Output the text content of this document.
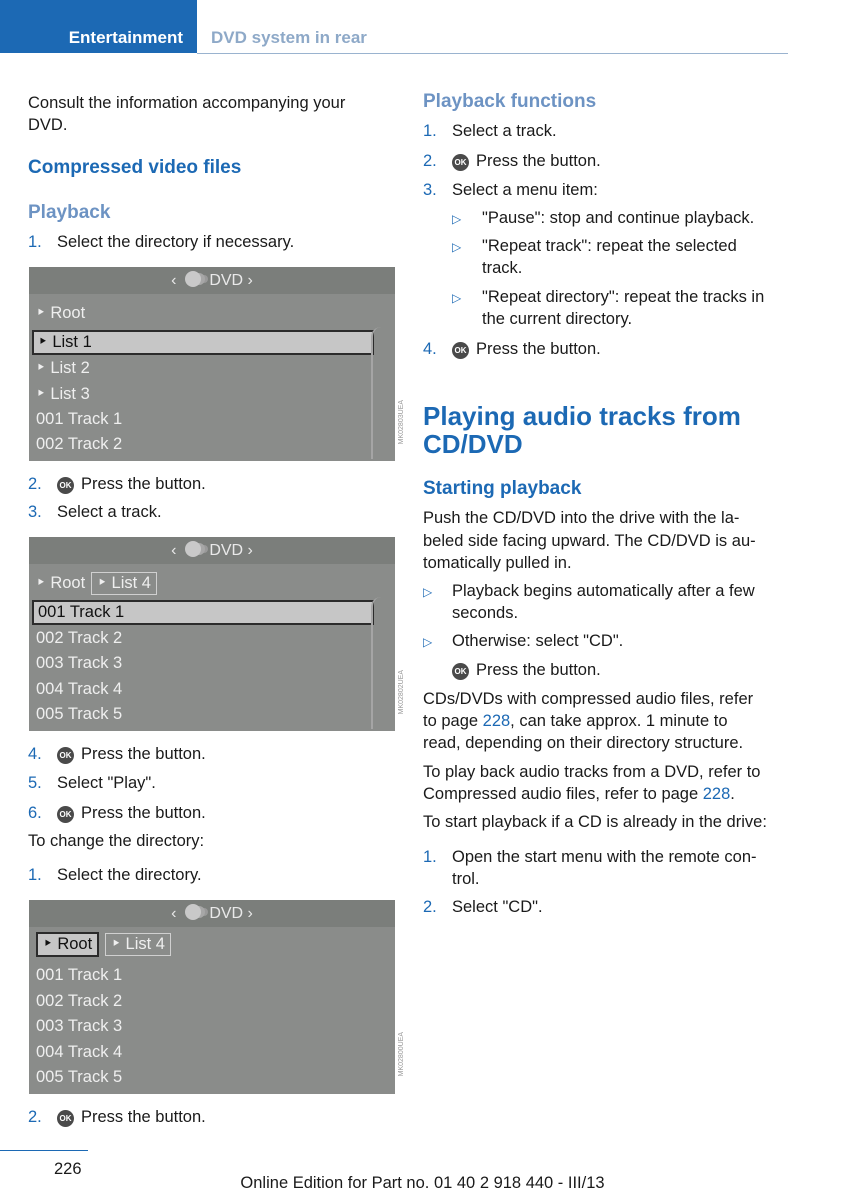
Entertainment DVD system in rear
Consult the information accompanying your DVD.
Compressed video files
Playback
1. Select the directory if necessary.
‹  DVD ›
‣ Root
‣ List 1
‣ List 2
‣ List 3
001 Track 1
002 Track 2	MK02803UEA
2.	OK Press the button.
3. Select a track.
‹  DVD ›
‣ Root ‣ List 4
001 Track 1
002 Track 2
003 Track 3
004 Track 4
005 Track 5	MK02802UEA
4.	OK Press the button.
5. Select "Play".
6.	OK Press the button.
To change the directory:
1. Select the directory.
‹  DVD ›
‣ Root ‣ List 4
001 Track 1
002 Track 2
003 Track 3
004 Track 4
005 Track 5
MK02800UEA
2.	OK Press the button.
Playback functions
1. Select a track.
2.	OK Press the button.
3. Select a menu item:
▷ "Pause": stop and continue playback.
▷ "Repeat track": repeat the selected
track.
▷ "Repeat directory": repeat the tracks in
the current directory.
4.	OK Press the button.
Playing audio tracks from
CD/DVD
Starting playback
Push the CD/DVD into the drive with the la‐
beled side facing upward. The CD/DVD is au‐
tomatically pulled in.
▷ Playback begins automatically after a few
seconds.
▷ Otherwise: select "CD".
OK Press the button.
CDs/DVDs with compressed audio files, refer
to page 228, can take approx. 1 minute to
read, depending on their directory structure.
To play back audio tracks from a DVD, refer to
Compressed audio files, refer to page 228.
To start playback if a CD is already in the drive:
1. Open the start menu with the remote con‐
trol.
2. Select "CD".
226
Online Edition for Part no. 01 40 2 918 440 - III/13
